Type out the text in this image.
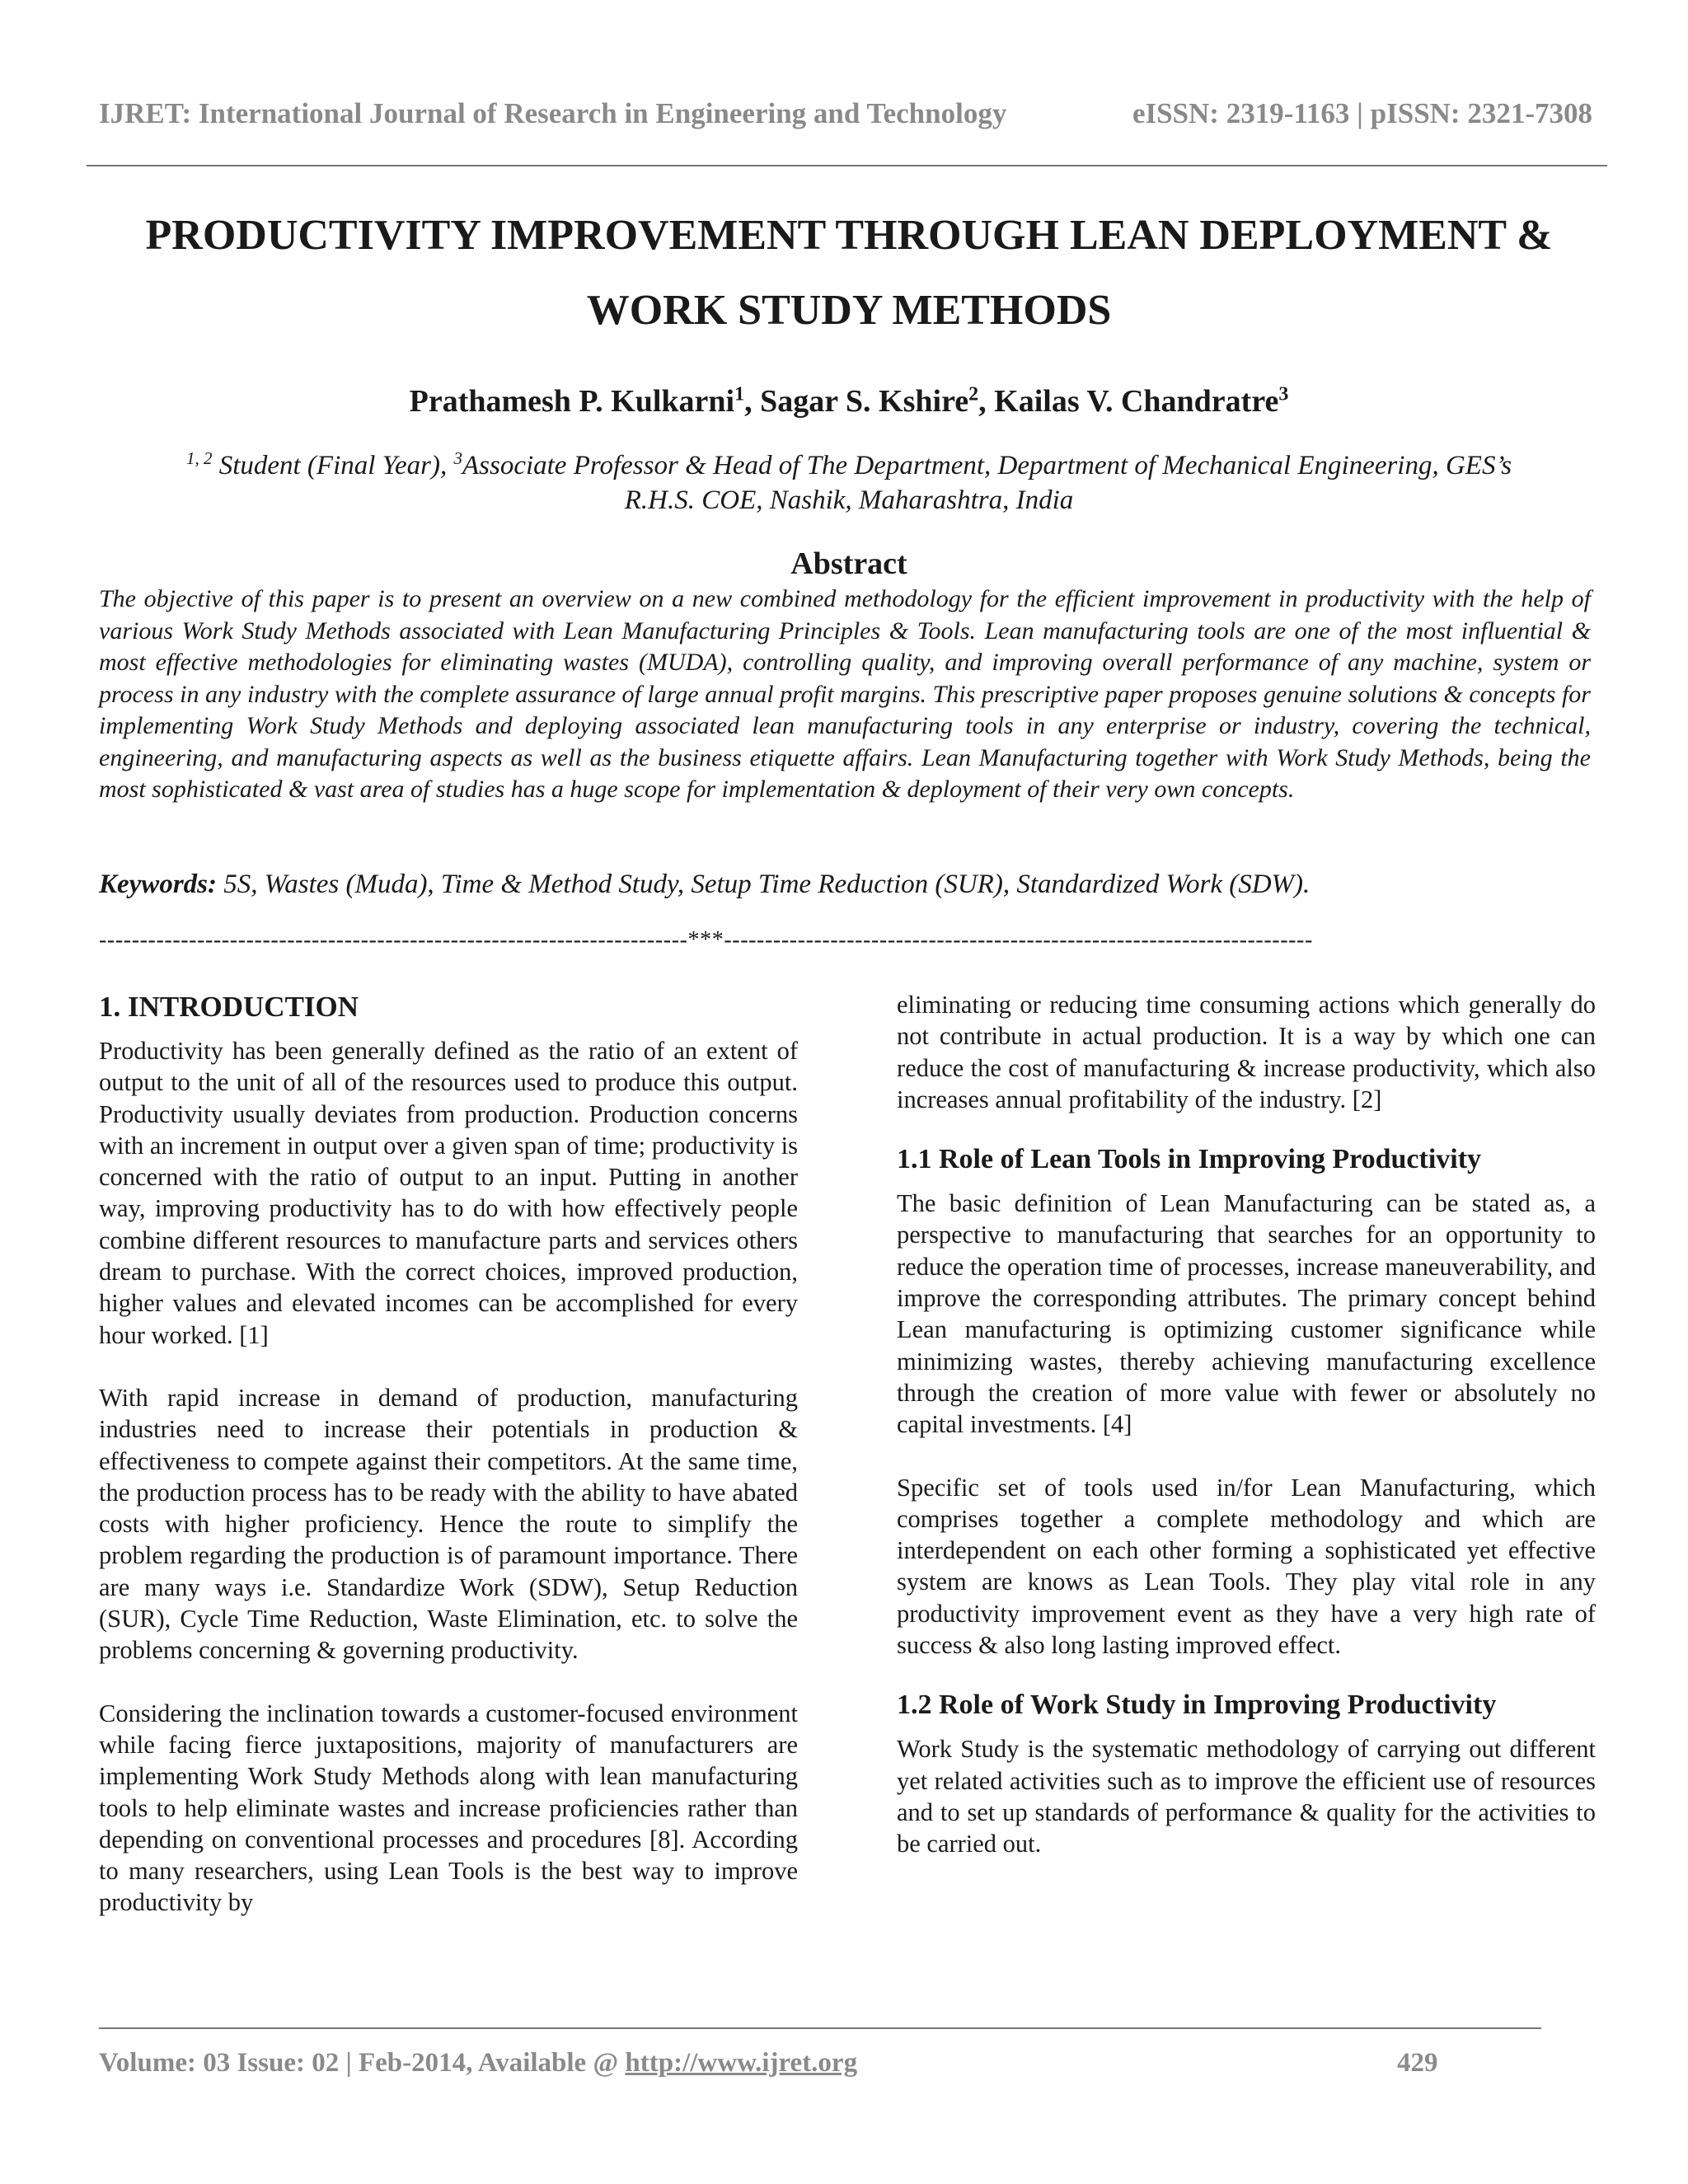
IJRET: International Journal of Research in Engineering and Technology	eISSN: 2319-1163 | pISSN: 2321-7308
PRODUCTIVITY IMPROVEMENT THROUGH LEAN DEPLOYMENT &
WORK STUDY METHODS
Prathamesh P. Kulkarni$^1$, Sagar S. Kshire$^2$, Kailas V. Chandratre$^3$
$^{1, 2}$ Student (Final Year), $^3$Associate Professor & Head of The Department, Department of Mechanical Engineering, GES’s
R.H.S. COE, Nashik, Maharashtra, India
Abstract
The objective of this paper is to present an overview on a new combined methodology for the efficient improvement in productivity with the help of various Work Study Methods associated with Lean Manufacturing Principles & Tools. Lean manufacturing tools are one of the most influential & most effective methodologies for eliminating wastes (MUDA), controlling quality, and improving overall performance of any machine, system or process in any industry with the complete assurance of large annual profit margins. This prescriptive paper proposes genuine solutions & concepts for implementing Work Study Methods and deploying associated lean manufacturing tools in any enterprise or industry, covering the technical, engineering, and manufacturing aspects as well as the business etiquette affairs. Lean Manufacturing together with Work Study Methods, being the most sophisticated & vast area of studies has a huge scope for implementation & deployment of their very own concepts.
Keywords: 5S, Wastes (Muda), Time & Method Study, Setup Time Reduction (SUR), Standardized Work (SDW).
------------------------------------------------------------------------***------------------------------------------------------------------------

1. INTRODUCTION

Productivity has been generally defined as the ratio of an extent of output to the unit of all of the resources used to produce this output. Productivity usually deviates from production. Production concerns with an increment in output over a given span of time; productivity is concerned with the ratio of output to an input. Putting in another way, improving productivity has to do with how effectively people combine different resources to manufacture parts and services others dream to purchase. With the correct choices, improved production, higher values and elevated incomes can be accomplished for every hour worked. [1]

With rapid increase in demand of production, manufacturing industries need to increase their potentials in production & effectiveness to compete against their competitors. At the same time, the production process has to be ready with the ability to have abated costs with higher proficiency. Hence the route to simplify the problem regarding the production is of paramount importance. There are many ways i.e. Standardize Work (SDW), Setup Reduction (SUR), Cycle Time Reduction, Waste Elimination, etc. to solve the problems concerning & governing productivity.

Considering the inclination towards a customer-focused environment while facing fierce juxtapositions, majority of manufacturers are implementing Work Study Methods along with lean manufacturing tools to help eliminate wastes and increase proficiencies rather than depending on conventional processes and procedures [8]. According to many researchers, using Lean Tools is the best way to improve productivity by

eliminating or reducing time consuming actions which generally do not contribute in actual production. It is a way by which one can reduce the cost of manufacturing & increase productivity, which also increases annual profitability of the industry. [2]

1.1 Role of Lean Tools in Improving Productivity

The basic definition of Lean Manufacturing can be stated as, a perspective to manufacturing that searches for an opportunity to reduce the operation time of processes, increase maneuverability, and improve the corresponding attributes. The primary concept behind Lean manufacturing is optimizing customer significance while minimizing wastes, thereby achieving manufacturing excellence through the creation of more value with fewer or absolutely no capital investments. [4]

Specific set of tools used in/for Lean Manufacturing, which comprises together a complete methodology and which are interdependent on each other forming a sophisticated yet effective system are knows as Lean Tools. They play vital role in any productivity improvement event as they have a very high rate of success & also long lasting improved effect.

1.2 Role of Work Study in Improving Productivity

Work Study is the systematic methodology of carrying out different yet related activities such as to improve the efficient use of resources and to set up standards of performance & quality for the activities to be carried out.

Volume: 03 Issue: 02 | Feb-2014, Available @ http://www.ijret.org	429
